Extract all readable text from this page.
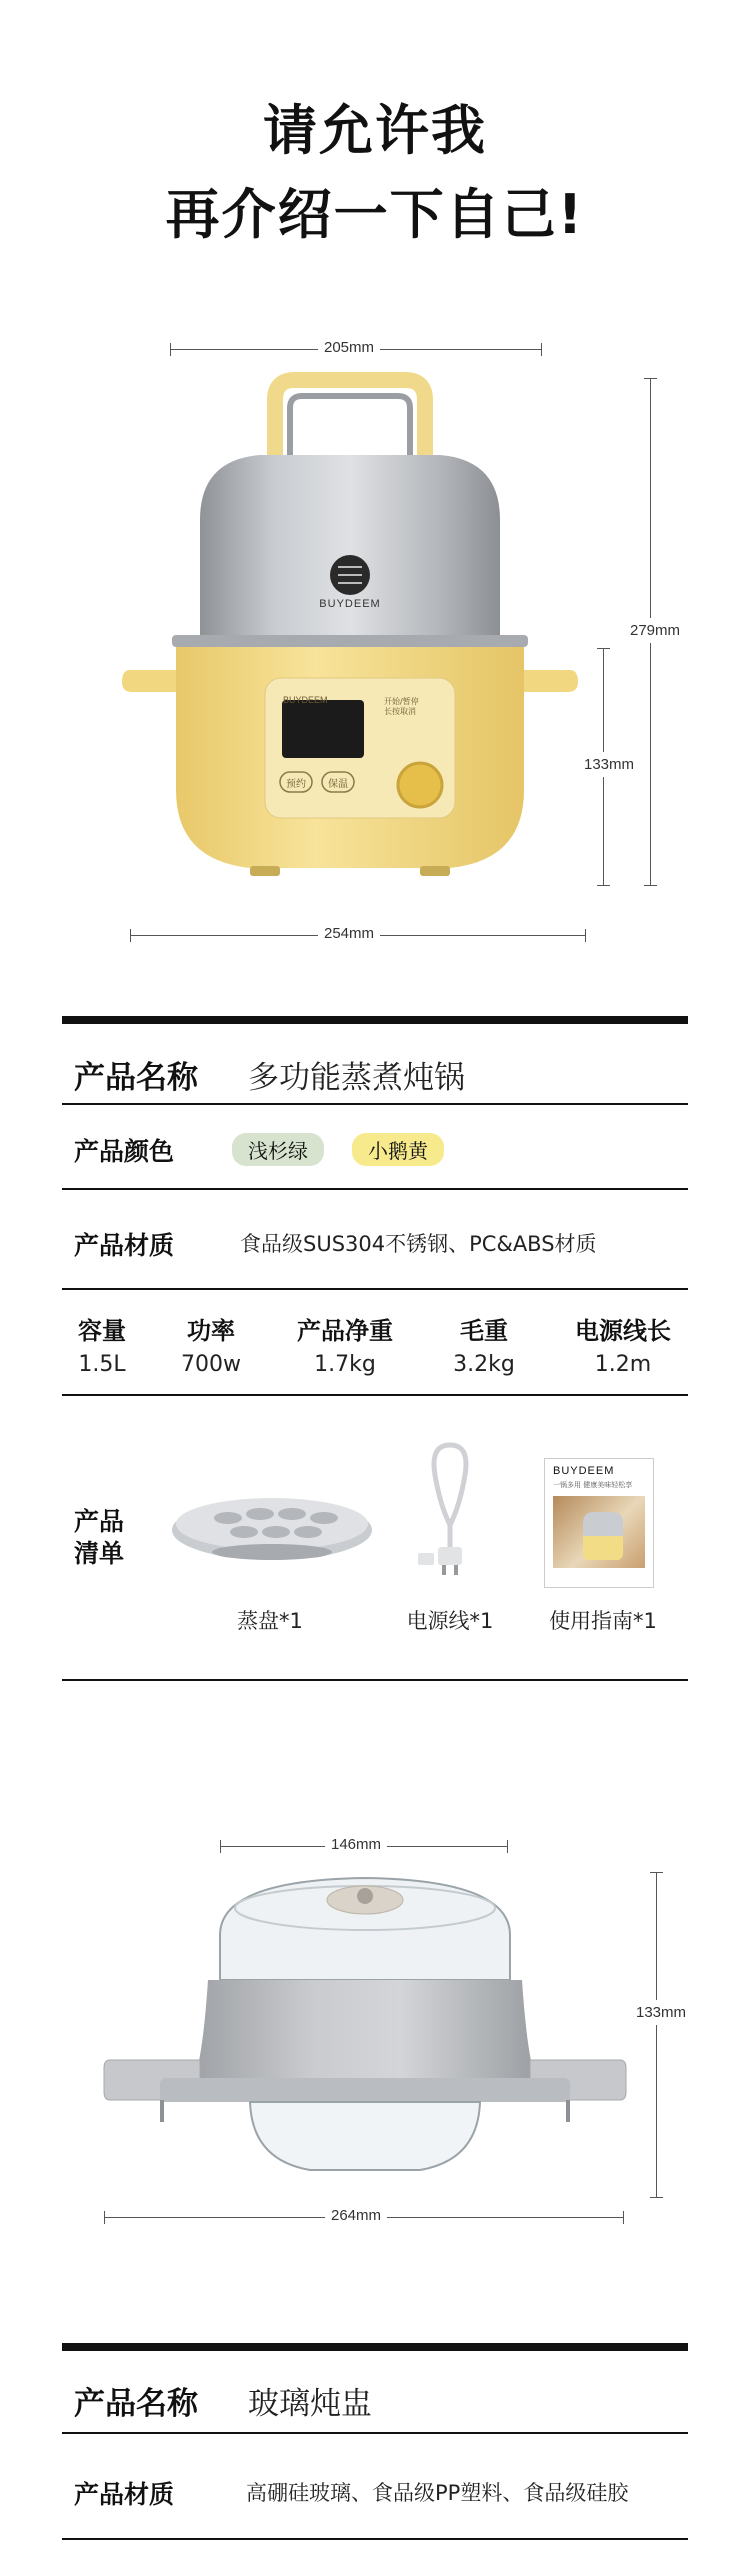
请允许我
再介绍一下自己!
205mm
279mm
133mm
254mm
BUYDEEM
BUYDEEM	开始/暂停 长按取消
预约	保温
产品名称 多功能蒸煮炖锅
产品颜色	浅杉绿	小鹅黄
产品材质	食品级SUS304不锈钢、PC&ABS材质
容量	功率	产品净重	毛重	电源线长
1.5L	700w	1.7kg	3.2kg	1.2m
产品
清单
BUYDEEM
一锅多用 健康美味轻松享
蒸盘*1	电源线*1	使用指南*1
146mm
133mm
264mm
产品名称 玻璃炖盅
产品材质	高硼硅玻璃、食品级PP塑料、食品级硅胶
